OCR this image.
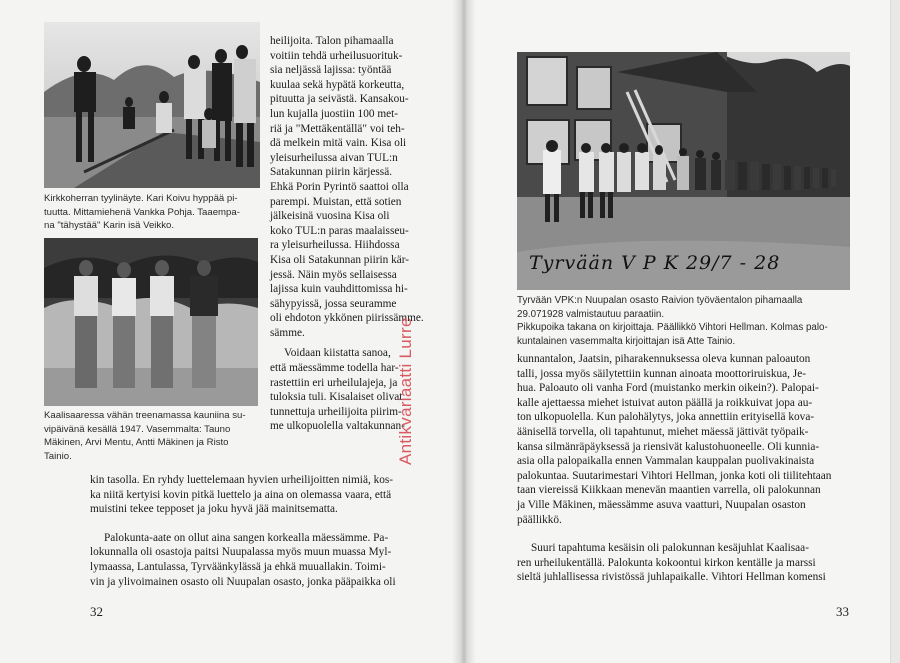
Kirkkoherran tyylinäyte. Kari Koivu hyppää pi-
tuutta. Mittamiehenä Vankka Pohja. Taaempa-
na "tähystää" Karin isä Veikko.
Kaalisaaressa vähän treenamassa kauniina su-
vipäivänä kesällä 1947. Vasemmalta: Tauno
Mäkinen, Arvi Mentu, Antti Mäkinen ja Risto
Tainio.
heilijoita. Talon pihamaalla
voitiin tehdä urheilusuorituk-
sia neljässä lajissa: työntää
kuulaa sekä hypätä korkeutta,
pituutta ja seivästä. Kansakou-
lun kujalla juostiin 100 met-
riä ja "Mettäkentällä" voi teh-
dä melkein mitä vain. Kisa oli
yleisurheilussa aivan TUL:n
Satakunnan piirin kärjessä.
Ehkä Porin Pyrintö saattoi olla
parempi. Muistan, että sotien
jälkeisinä vuosina Kisa oli
koko TUL:n paras maalaisseu-
ra yleisurheilussa. Hiihdossa
Kisa oli Satakunnan piirin kär-
jessä. Näin myös sellaisessa
lajissa kuin vauhdittomissa hi-
sähypyissä, jossa seuramme
oli ehdoton ykkönen piirissämme.
sämme.
Voidaan kiistatta sanoa,
että mäessämme todella har-
rastettiin eri urheilulajeja, ja
tuloksia tuli. Kisalaiset olivat
tunnettuja urheilijoita piirim-
me ulkopuolella valtakunnan-
kin tasolla. En ryhdy luettelemaan hyvien urheilijoitten nimiä, kos-
ka niitä kertyisi kovin pitkä luettelo ja aina on olemassa vaara, että
muistini tekee tepposet ja joku hyvä jää mainitsematta.
Palokunta-aate on ollut aina sangen korkealla mäessämme. Pa-
lokunnalla oli osastoja paitsi Nuupalassa myös muun muassa Myl-
lymaassa, Lantulassa, Tyrväänkylässä ja ehkä muuallakin. Toimi-
vin ja ylivoimainen osasto oli Nuupalan osasto, jonka pääpaikka oli
32
Tyrvään V P K 29/7 - 28
Tyrvään VPK:n Nuupalan osasto Raivion työväentalon pihamaalla
29.071928 valmistautuu paraatiin.
Pikkupoika takana on kirjoittaja. Päällikkö Vihtori Hellman. Kolmas palo-
kuntalainen vasemmalta kirjoittajan isä Atte Tainio.
kunnantalon, Jaatsin, piharakennuksessa oleva kunnan paloauton
talli, jossa myös säilytettiin kunnan ainoata moottoriruiskua, Je-
hua. Paloauto oli vanha Ford (muistanko merkin oikein?). Palopai-
kalle ajettaessa miehet istuivat auton päällä ja roikkuivat jopa au-
ton ulkopuolella. Kun palohälytys, joka annettiin erityisellä kova-
äänisellä torvella, oli tapahtunut, miehet mäessä jättivät työpaik-
kansa silmänräpäyksessä ja riensivät kalustohuoneelle. Oli kunnia-
asia olla palopaikalla ennen Vammalan kauppalan puolivakinaista
palokuntaa. Suutarimestari Vihtori Hellman, jonka koti oli tiilitehtaan
taan viereissä Kiikkaan menevän maantien varrella, oli palokunnan
ja Ville Mäkinen, mäessämme asuva vaatturi, Nuupalan osaston
päällikkö.
Suuri tapahtuma kesäisin oli palokunnan kesäjuhlat Kaalisaa-
ren urheilukentällä. Palokunta kokoontui kirkon kentälle ja marssi
sieltä juhlallisessa rivistössä juhlapaikalle. Vihtori Hellman komensi
33
Antikvariaatti Lurre
